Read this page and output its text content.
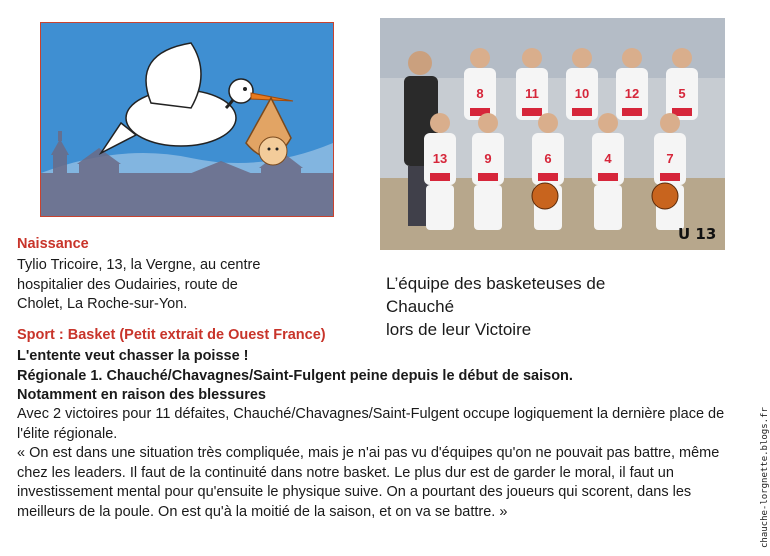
8	11	10	12	5
13	9	6	4	7
U 13
Naissance
Tylio Tricoire, 13, la Vergne, au centre
hospitalier des Oudairies, route de
Cholet, La Roche-sur-Yon.
L’équipe des basketeuses de
Chauché
lors de leur Victoire
Sport : Basket (Petit extrait de Ouest France)
L'entente veut chasser la poisse !
Régionale 1. Chauché/Chavagnes/Saint-Fulgent peine depuis le début de saison.
Notamment en raison des blessures

Avec 2 victoires pour 11 défaites, Chauché/Chavagnes/Saint-Fulgent occupe logiquement la dernière place de l'élite régionale.

« On est dans une situation très compliquée, mais je n'ai pas vu d'équipes qu'on ne pouvait pas battre, même chez les leaders. Il faut de la continuité dans notre basket. Le plus dur est de garder le moral, il faut un investissement mental pour qu'ensuite le physique suive. On a pourtant des joueurs qui scorent, dans les meilleurs de la poule. On est qu'à la moitié de la saison, et on va se battre. »	chauche-lorgnette.blogs.fr
